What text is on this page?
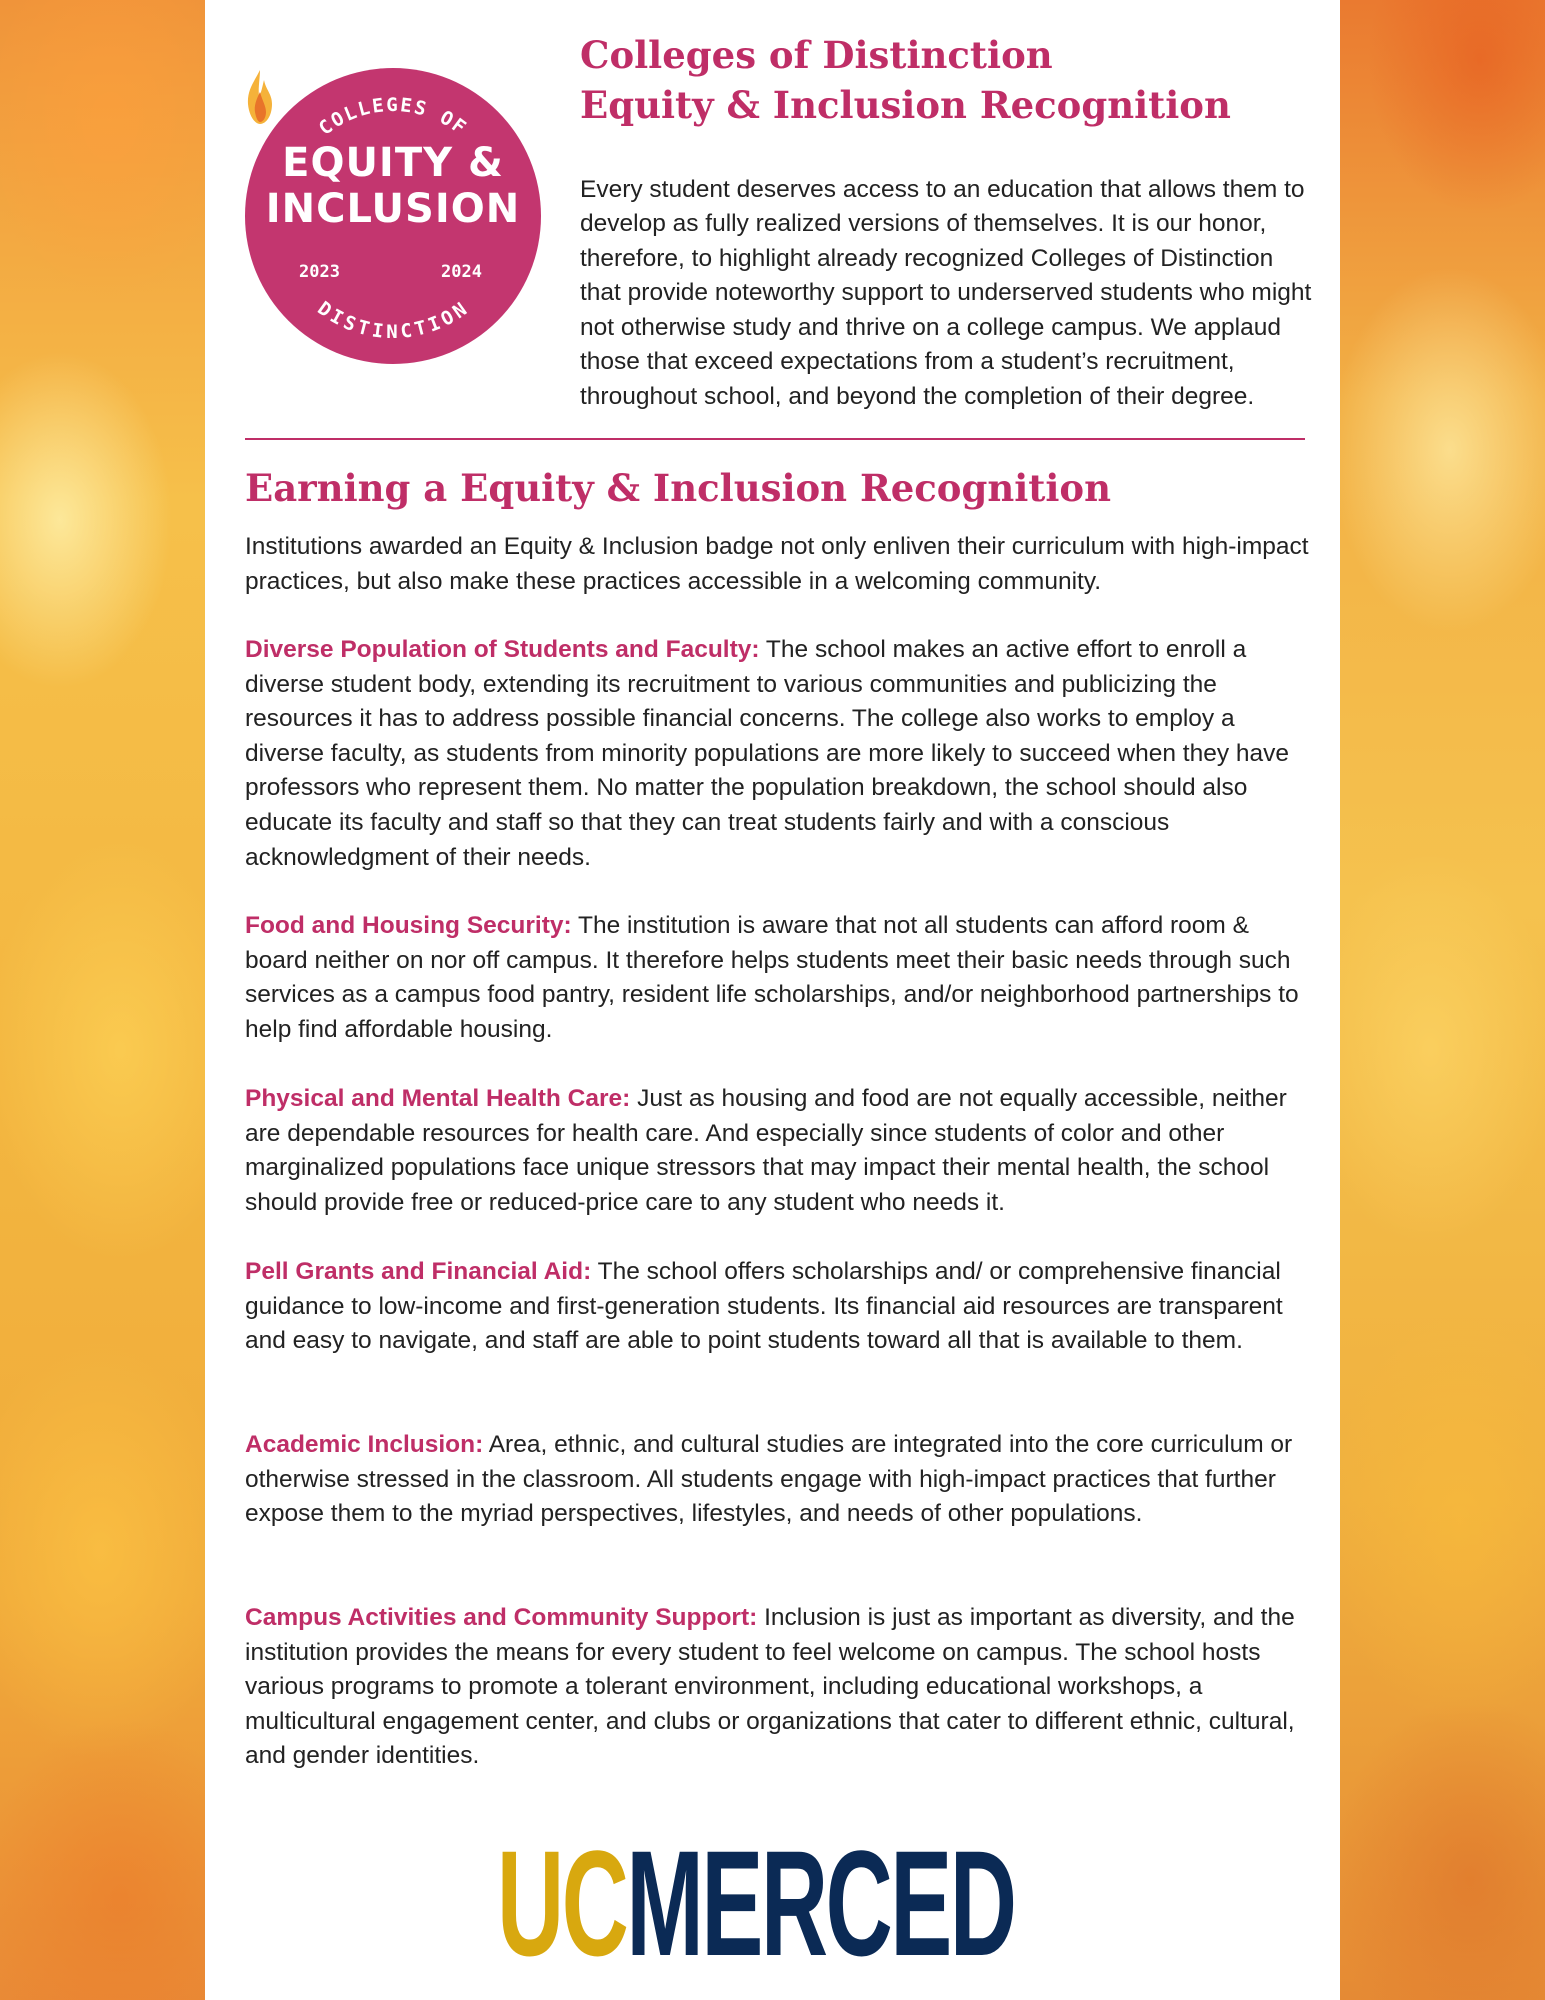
COLLEGES OF
DISTINCTION
EQUITY &
INCLUSION
2023	2024
Colleges of Distinction
Equity & Inclusion Recognition

Every student deserves access to an education that allows them to develop as fully realized versions of themselves. It is our honor, therefore, to highlight already recognized Colleges of Distinction that provide noteworthy support to underserved students who might not otherwise study and thrive on a college campus. We applaud those that exceed expectations from a student’s recruitment, throughout school, and beyond the completion of their degree.

Earning a Equity & Inclusion Recognition

Institutions awarded an Equity & Inclusion badge not only enliven their curriculum with high-impact practices, but also make these practices accessible in a welcoming community.

Diverse Population of Students and Faculty: The school makes an active effort to enroll a diverse student body, extending its recruitment to various communities and publicizing the resources it has to address possible financial concerns. The college also works to employ a diverse faculty, as students from minority populations are more likely to succeed when they have professors who represent them. No matter the population breakdown, the school should also educate its faculty and staff so that they can treat students fairly and with a conscious acknowledgment of their needs.

Food and Housing Security: The institution is aware that not all students can afford room & board neither on nor off campus. It therefore helps students meet their basic needs through such services as a campus food pantry, resident life scholarships, and/or neighborhood partnerships to help find affordable housing.

Physical and Mental Health Care: Just as housing and food are not equally accessible, neither are dependable resources for health care. And especially since students of color and other marginalized populations face unique stressors that may impact their mental health, the school should provide free or reduced-price care to any student who needs it.

Pell Grants and Financial Aid: The school offers scholarships and/ or comprehensive financial guidance to low-income and first-generation students. Its financial aid resources are transparent and easy to navigate, and staff are able to point students toward all that is available to them.

Academic Inclusion: Area, ethnic, and cultural studies are integrated into the core curriculum or otherwise stressed in the classroom. All students engage with high-impact practices that further expose them to the myriad perspectives, lifestyles, and needs of other populations.

Campus Activities and Community Support: Inclusion is just as important as diversity, and the institution provides the means for every student to feel welcome on campus. The school hosts various programs to promote a tolerant environment, including educational workshops, a multicultural engagement center, and clubs or organizations that cater to different ethnic, cultural, and gender identities.

UCMERCED
